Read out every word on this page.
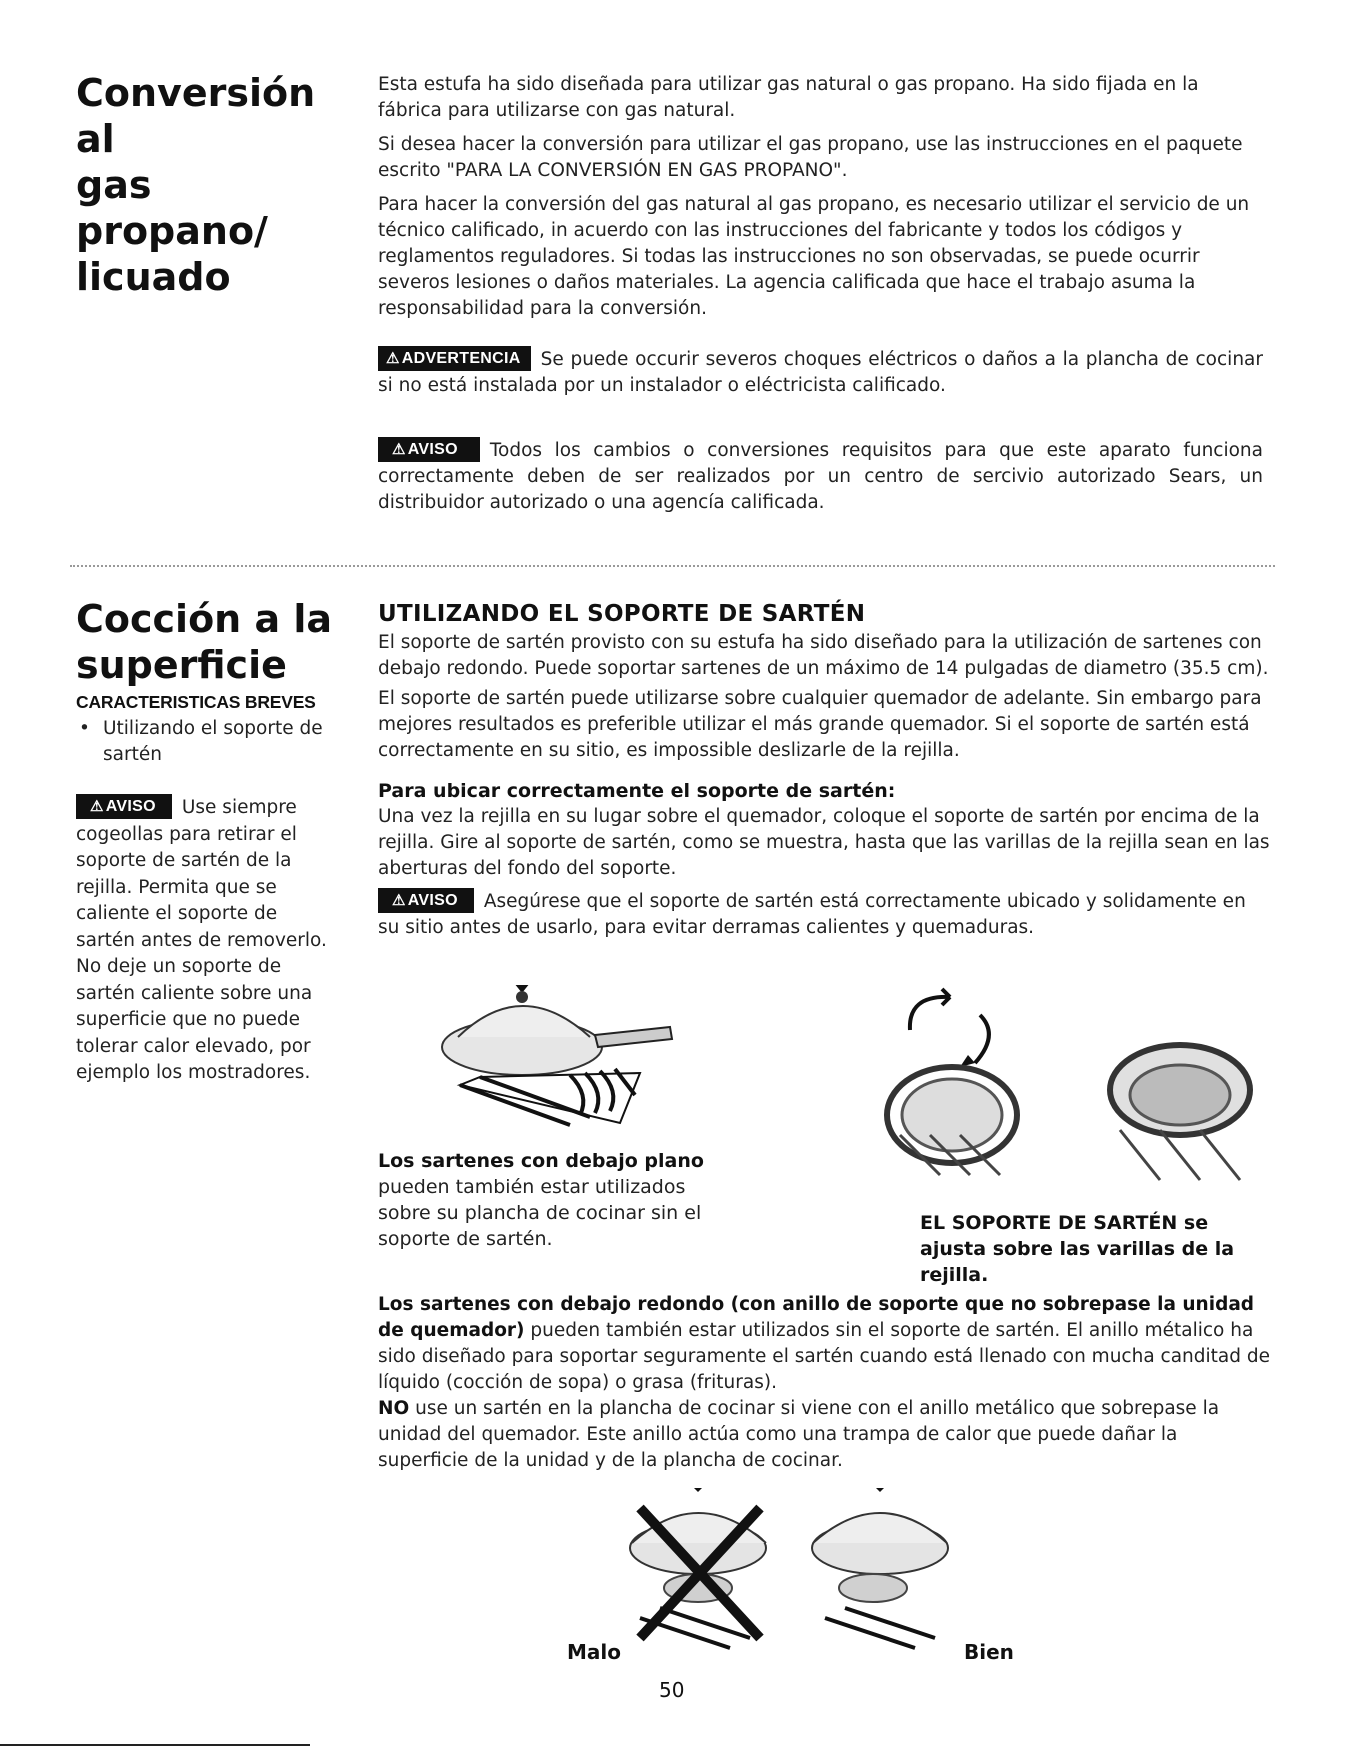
Conversión al
gas propano/
licuado

Esta estufa ha sido diseñada para utilizar gas natural o gas propano. Ha sido fijada en la fábrica para utilizarse con gas natural.

Si desea hacer la conversión para utilizar el gas propano, use las instrucciones en el paquete escrito "PARA LA CONVERSIÓN EN GAS PROPANO".

Para hacer la conversión del gas natural al gas propano, es necesario utilizar el servicio de un técnico calificado, in acuerdo con las instrucciones del fabricante y todos los códigos y reglamentos reguladores. Si todas las instrucciones no son observadas, se puede ocurrir severos lesiones o daños materiales. La agencia calificada que hace el trabajo asuma la responsabilidad para la conversión.

⚠ ADVERTENCIA Se puede occurir severos choques eléctricos o daños a la plancha de cocinar si no está instalada por un instalador o eléctricista calificado.

⚠ AVISO Todos los cambios o conversiones requisitos para que este aparato funciona correctamente deben de ser realizados por un centro de sercivio autorizado Sears, un distribuidor autorizado o una agencía calificada.

Cocción a la
superficie
CARACTERISTICAS BREVES
• Utilizando el soporte de sartén

⚠ AVISO Use siempre cogeollas para retirar el soporte de sartén de la rejilla. Permita que se caliente el soporte de sartén antes de removerlo. No deje un soporte de sartén caliente sobre una superficie que no puede tolerar calor elevado, por ejemplo los mostradores.

UTILIZANDO EL SOPORTE DE SARTÉN

El soporte de sartén provisto con su estufa ha sido diseñado para la utilización de sartenes con debajo redondo. Puede soportar sartenes de un máximo de 14 pulgadas de diametro (35.5 cm).

El soporte de sartén puede utilizarse sobre cualquier quemador de adelante. Sin embargo para mejores resultados es preferible utilizar el más grande quemador. Si el soporte de sartén está correctamente en su sitio, es impossible deslizarle de la rejilla.

Para ubicar correctamente el soporte de sartén:

Una vez la rejilla en su lugar sobre el quemador, coloque el soporte de sartén por encima de la rejilla. Gire al soporte de sartén, como se muestra, hasta que las varillas de la rejilla sean en las aberturas del fondo del soporte.

⚠ AVISO Asegúrese que el soporte de sartén está correctamente ubicado y solidamente en su sitio antes de usarlo, para evitar derramas calientes y quemaduras.

Los sartenes con debajo plano
pueden también estar utilizados sobre su plancha de cocinar sin el soporte de sartén.
EL SOPORTE DE SARTÉN se ajusta sobre las varillas de la rejilla.

Los sartenes con debajo redondo (con anillo de soporte que no sobrepase la unidad de quemador) pueden también estar utilizados sin el soporte de sartén. El anillo métalico ha sido diseñado para soportar seguramente el sartén cuando está llenado con mucha canditad de líquido (cocción de sopa) o grasa (frituras).

NO use un sartén en la plancha de cocinar si viene con el anillo metálico que sobrepase la unidad del quemador. Este anillo actúa como una trampa de calor que puede dañar la superficie de la unidad y de la plancha de cocinar.

Malo	Bien
50
